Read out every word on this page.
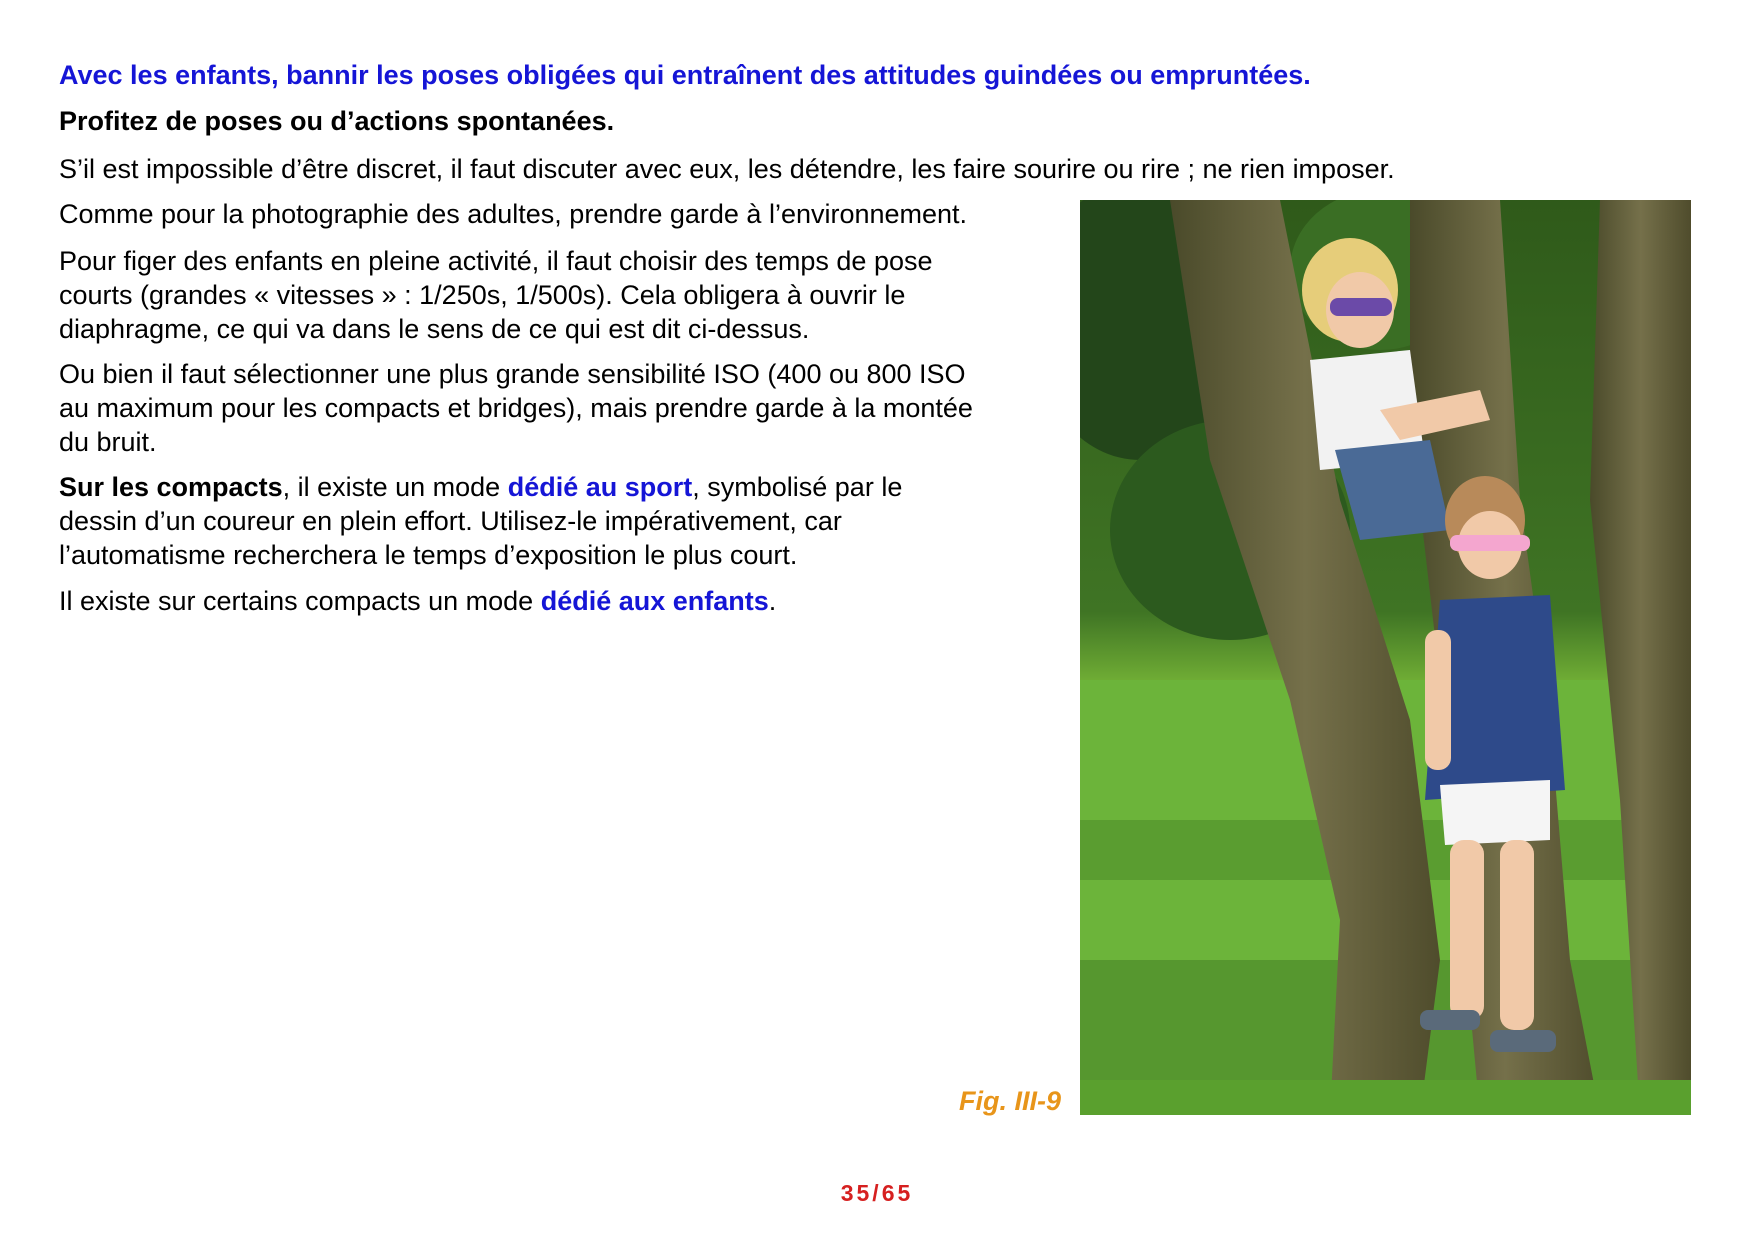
Avec les enfants, bannir les poses obligées qui entraînent des attitudes guindées ou empruntées.

Profitez de poses ou d’actions spontanées.

S’il est impossible d’être discret, il faut discuter avec eux, les détendre, les faire sourire ou rire ; ne rien imposer.

Comme pour la photographie des adultes, prendre garde à l’environnement.

Pour figer des enfants en pleine activité, il faut choisir des temps de pose
courts (grandes « vitesses » : 1/250s, 1/500s). Cela obligera à ouvrir le
diaphragme, ce qui va dans le sens de ce qui est dit ci-dessus.

Ou bien il faut sélectionner une plus grande sensibilité ISO (400 ou 800 ISO
au maximum pour les compacts et bridges), mais prendre garde à la montée
du bruit.

Sur les compacts, il existe un mode dédié au sport, symbolisé par le
dessin d’un coureur en plein effort. Utilisez-le impérativement, car
l’automatisme recherchera le temps d’exposition le plus court.

Il existe sur certains compacts un mode dédié aux enfants.

Fig. III-9
35/65
